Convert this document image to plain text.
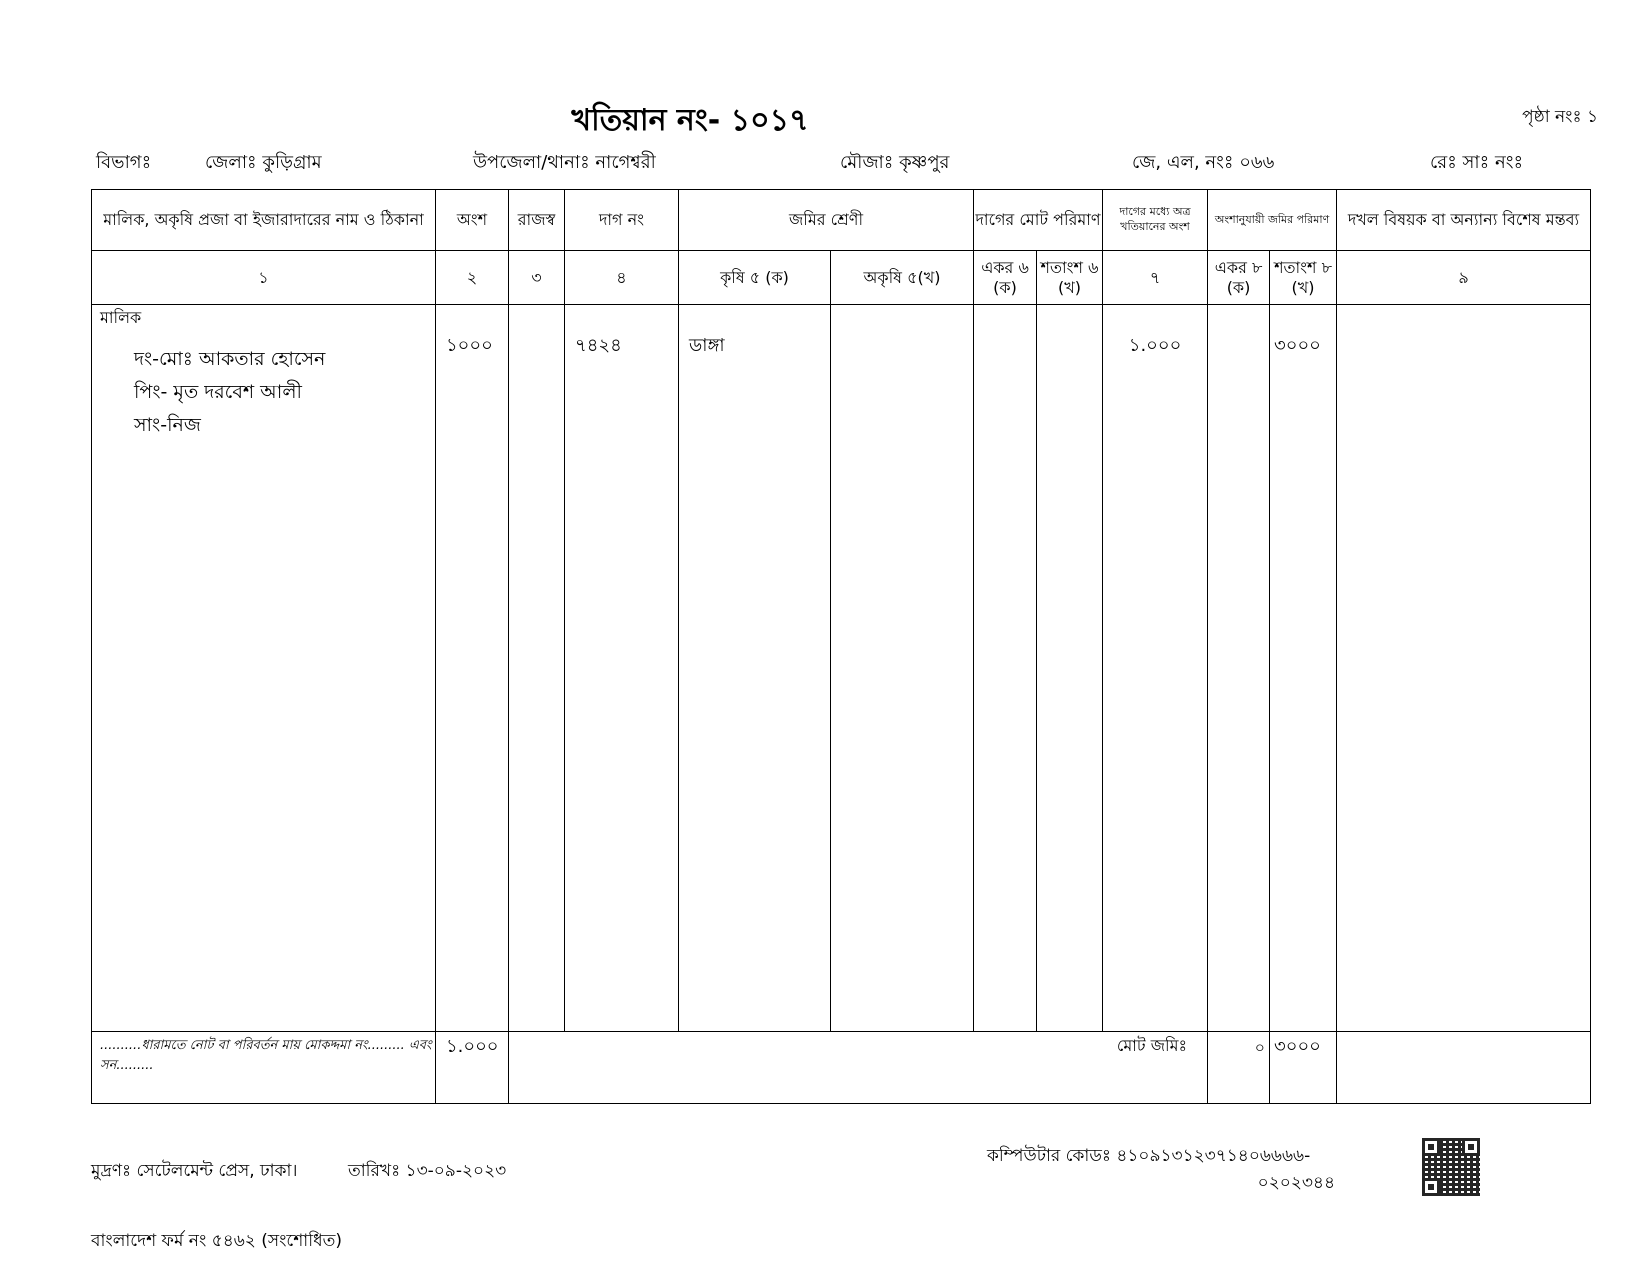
খতিয়ান নং- ১০১৭	পৃষ্ঠা নংঃ ১
বিভাগঃ	জেলাঃ কুড়িগ্রাম	উপজেলা/থানাঃ নাগেশ্বরী	মৌজাঃ কৃষ্ণপুর	জে, এল, নংঃ ০৬৬	রেঃ সাঃ নংঃ
মালিক, অকৃষি প্রজা বা ইজারাদারের নাম ও ঠিকানা	অংশ	রাজস্ব	দাগ নং	জমির শ্রেণী		দাগের মোট পরিমাণ		দাগের মধ্যে অত্র খতিয়ানের অংশ	অংশানুযায়ী জমির পরিমাণ		দখল বিষয়ক বা অন্যান্য বিশেষ মন্তব্য
১	২	৩	৪	কৃষি ৫ (ক)	অকৃষি ৫(খ)	একর ৬ (ক)	শতাংশ ৬ (খ)	৭	একর ৮ (ক)	শতাংশ ৮ (খ)	৯

মালিক
দং-মোঃ আকতার হোসেন
পিং- মৃত দরবেশ আলী
সাং-নিজ	১০০০		৭৪২৪	ডাঙ্গা				১.০০০		৩০০০	

..........ধারামতে নোট বা পরিবর্তন মায় মোকদ্দমা নং......... এবং সন.........	১.০০০	মোট জমিঃ							০	৩০০০	

মুদ্রণঃ সেটেলমেন্ট প্রেস, ঢাকা।	তারিখঃ ১৩-০৯-২০২৩
কম্পিউটার কোডঃ ৪১০৯১৩১২৩৭১৪০৬৬৬৬-
০২০২৩৪৪
বাংলাদেশ ফর্ম নং ৫৪৬২ (সংশোধিত)
